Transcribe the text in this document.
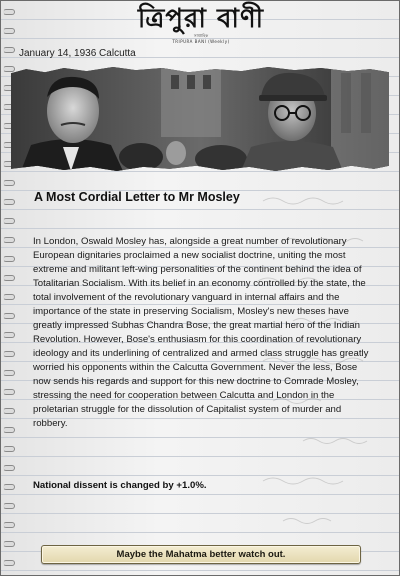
ত্রিপুরা বাণী
সাপ্তাহিক
TRIPURA BANI (Weekly)
January 14, 1936 Calcutta
A Most Cordial Letter to Mr Mosley
In London, Oswald Mosley has, alongside a great number of revolutionary European dignitaries proclaimed a new socialist doctrine, uniting the most extreme and militant left-wing personalities of the continent behind the idea of Totalitarian Socialism. With its belief in an economy controlled by the state, the total involvement of the revolutionary vanguard in internal affairs and the importance of the state in preserving Socialism, Mosley's new theses have greatly impressed Subhas Chandra Bose, the great martial hero of the Indian Revolution. However, Bose's enthusiasm for this coordination of revolutionary ideology and its underlining of centralized and armed class struggle has greatly worried his opponents within the Calcutta Government. Never the less, Bose now sends his regards and support for this new doctrine to Comrade Mosley, stressing the need for cooperation between Calcutta and London in the proletarian struggle for the dissolution of Capitalist system of murder and robbery.
National dissent is changed by +1.0%.
Maybe the Mahatma better watch out.
